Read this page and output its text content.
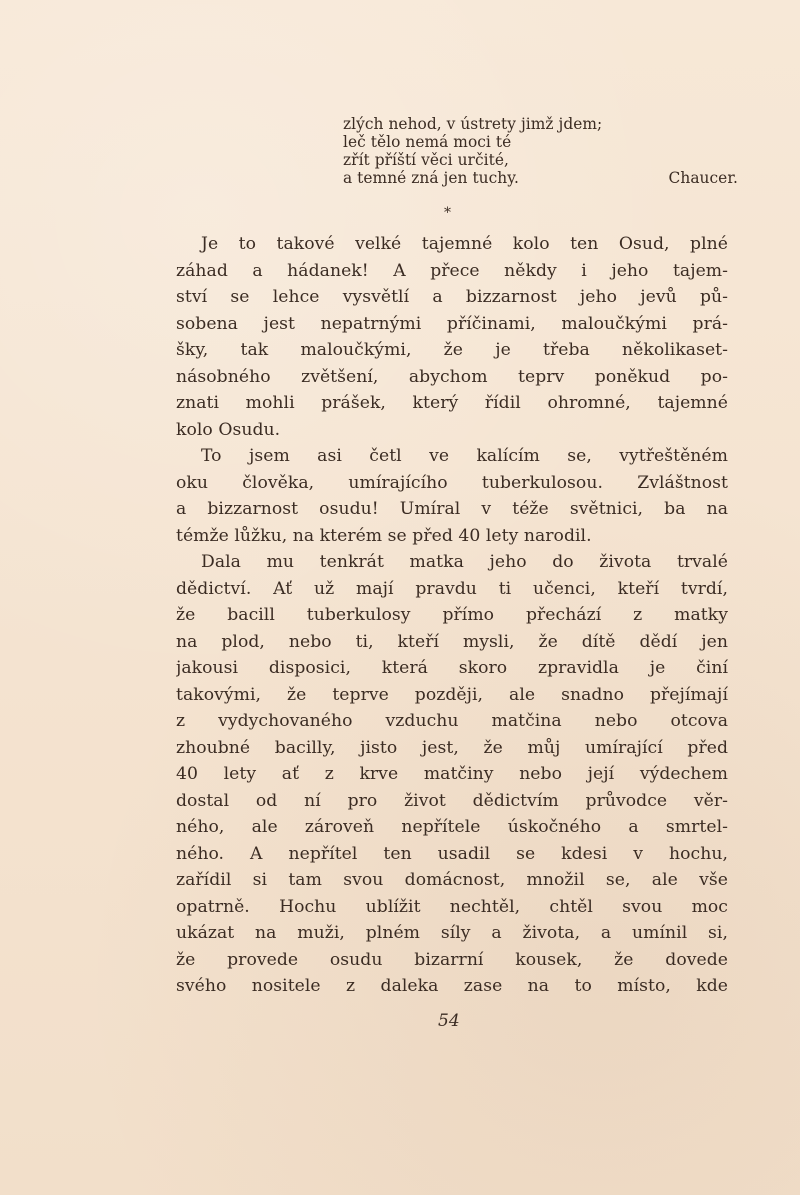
zlých nehod, v ústrety jimž jdem;
leč tělo nemá moci té
zřít příští věci určité,
a temné zná jen tuchy.	Chaucer.
*
Je to takové velké tajemné kolo ten Osud, plné
záhad a hádanek! A přece někdy i jeho tajem-
ství se lehce vysvětlí a bizzarnost jeho jevů pů-
sobena jest nepatrnými příčinami, maloučkými prá-
šky, tak maloučkými, že je třeba několikaset-
násobného zvětšení, abychom teprv poněkud po-
znati mohli prášek, který řídil ohromné, tajemné
kolo Osudu.
To jsem asi četl ve kalícím se, vytřeštěném
oku člověka, umírajícího tuberkulosou. Zvláštnost
a bizzarnost osudu! Umíral v téže světnici, ba na
témže lůžku, na kterém se před 40 lety narodil.
Dala mu tenkrát matka jeho do života trvalé
dědictví. Ať už mají pravdu ti učenci, kteří tvrdí,
že bacill tuberkulosy přímo přechází z matky
na plod, nebo ti, kteří mysli, že dítě dědí jen
jakousi disposici, která skoro zpravidla je činí
takovými, že teprve později, ale snadno přejímají
z vydychovaného vzduchu matčina nebo otcova
zhoubné bacilly, jisto jest, že můj umírající před
40 lety ať z krve matčiny nebo její výdechem
dostal od ní pro život dědictvím průvodce věr-
ného, ale zároveň nepřítele úskočného a smrtel-
ného. A nepřítel ten usadil se kdesi v hochu,
zařídil si tam svou domácnost, množil se, ale vše
opatrně. Hochu ublížit nechtěl, chtěl svou moc
ukázat na muži, plném síly a života, a umínil si,
že provede osudu bizarrní kousek, že dovede
svého nositele z daleka zase na to místo, kde
54
